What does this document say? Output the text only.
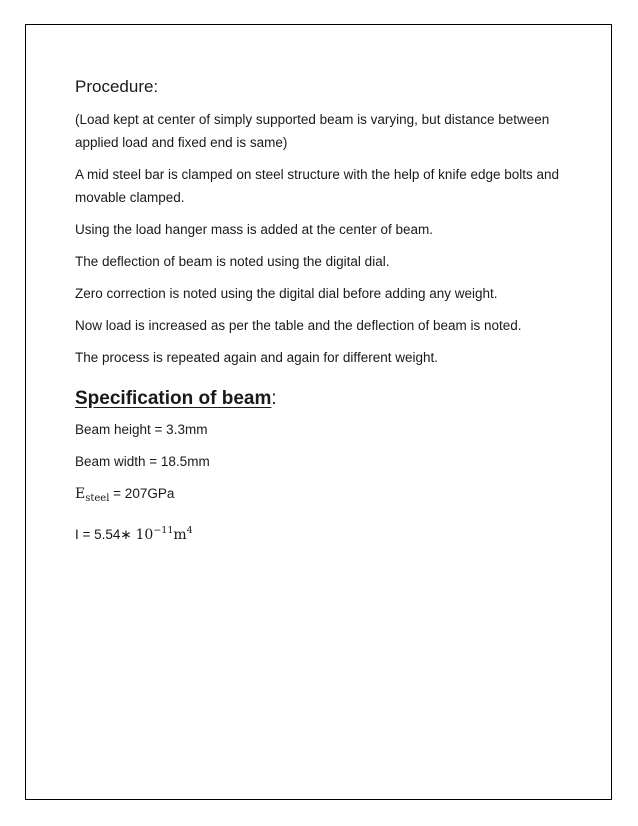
Procedure:

(Load kept at center of simply supported beam is varying, but distance between applied load and fixed end is same)

A mid steel bar is clamped on steel structure with the help of knife edge bolts and movable clamped.

Using the load hanger mass is added at the center of beam.

The deflection of beam is noted using the digital dial.

Zero correction is noted using the digital dial before adding any weight.

Now load is increased as per the table and the deflection of beam is noted.

The process is repeated again and again for different weight.

Specification of beam:

Beam height = 3.3mm

Beam width = 18.5mm

$E_{steel} = 207GPa$

I = 5.54∗ $10^{-11}m^4$
